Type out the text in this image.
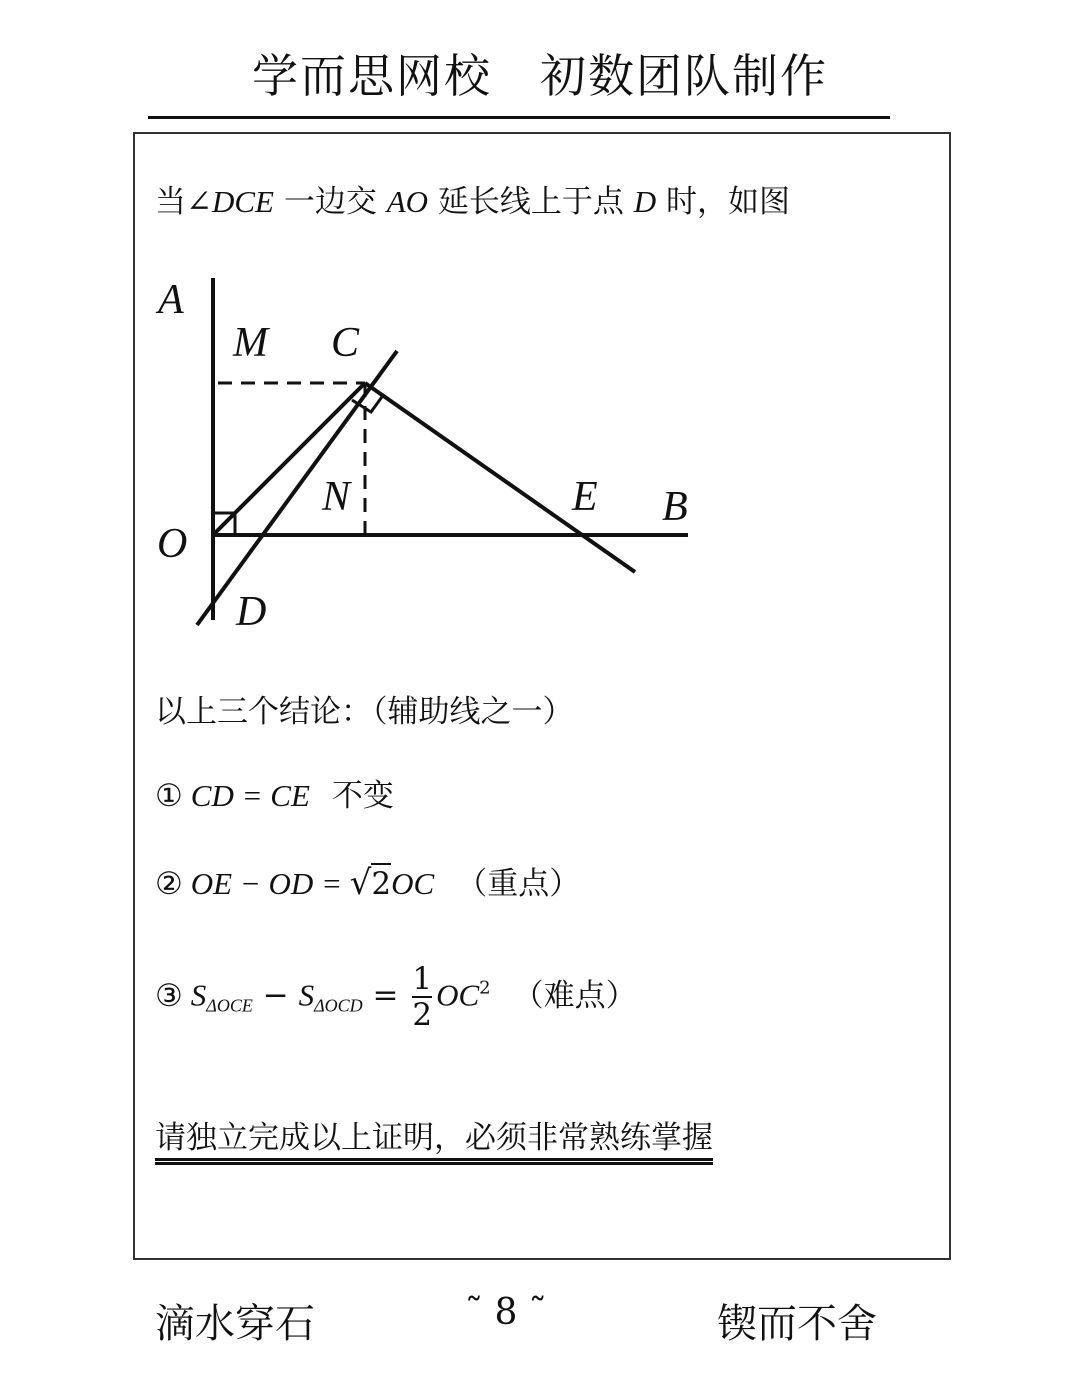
学而思网校　初数团队制作
当∠DCE 一边交 AO 延长线上于点 D 时，如图
A
M C
N	E B
O
D
以上三个结论：（辅助线之一）
① CD = CE 不变
② OE − OD = √2OC （重点）
③ $S_{\Delta OCE} - S_{\Delta OCD} = \frac{1}{2} OC^2$ （难点）
请独立完成以上证明，必须非常熟练掌握
滴水穿石	˜ 8 ˜	锲而不舍
